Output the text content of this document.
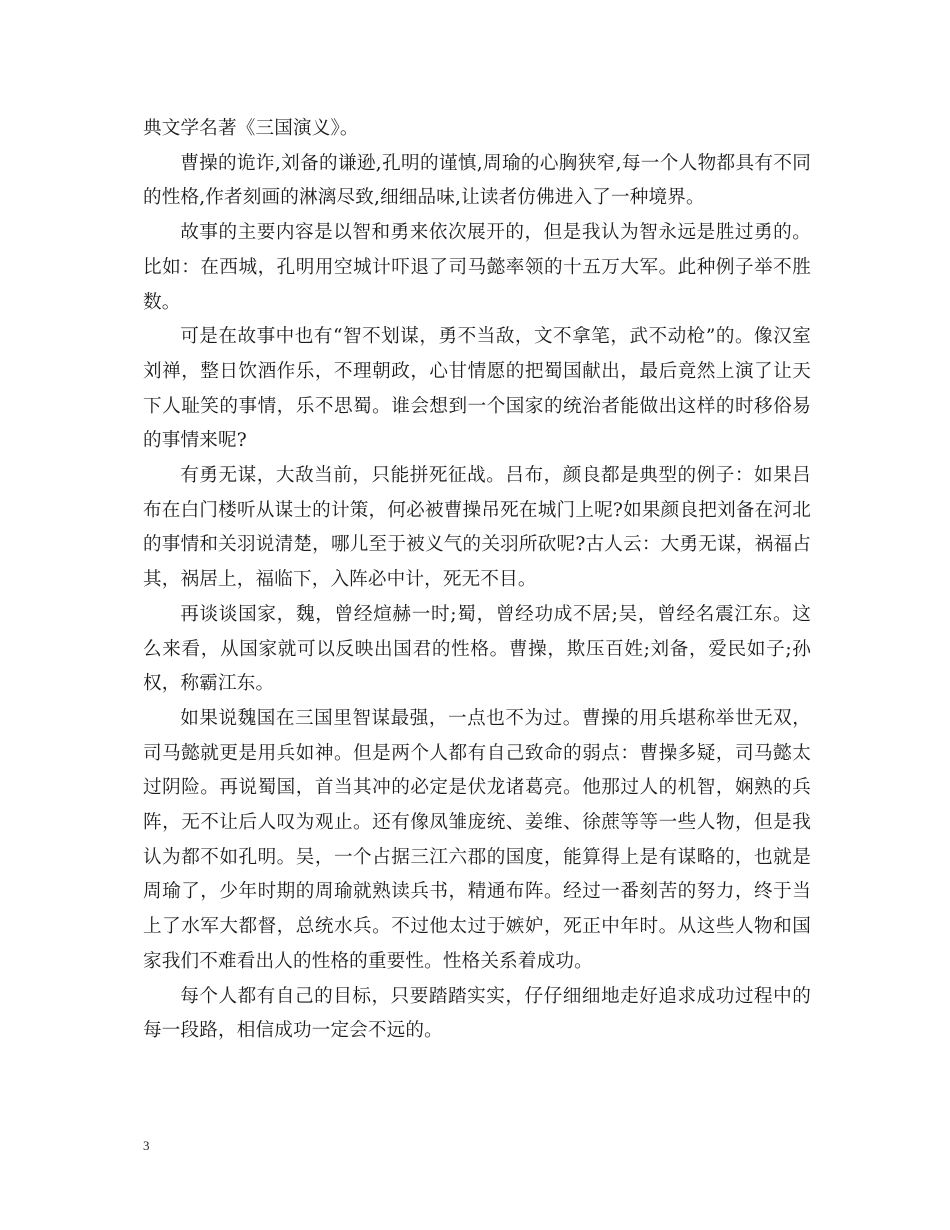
典文学名著《三国演义》。

曹操的诡诈,刘备的谦逊,孔明的谨慎,周瑜的心胸狭窄,每一个人物都具有不同的性格,作者刻画的淋漓尽致,细细品味,让读者仿佛进入了一种境界。

故事的主要内容是以智和勇来依次展开的，但是我认为智永远是胜过勇的。比如：在西城，孔明用空城计吓退了司马懿率领的十五万大军。此种例子举不胜数。

可是在故事中也有“智不划谋，勇不当敌，文不拿笔，武不动枪”的。像汉室刘禅，整日饮酒作乐，不理朝政，心甘情愿的把蜀国献出，最后竟然上演了让天下人耻笑的事情，乐不思蜀。谁会想到一个国家的统治者能做出这样的时移俗易的事情来呢?

有勇无谋，大敌当前，只能拼死征战。吕布，颜良都是典型的例子：如果吕布在白门楼听从谋士的计策，何必被曹操吊死在城门上呢?如果颜良把刘备在河北的事情和关羽说清楚，哪儿至于被义气的关羽所砍呢?古人云：大勇无谋，祸福占其，祸居上，福临下，入阵必中计，死无不目。

再谈谈国家，魏，曾经煊赫一时;蜀，曾经功成不居;吴，曾经名震江东。这么来看，从国家就可以反映出国君的性格。曹操，欺压百姓;刘备，爱民如子;孙权，称霸江东。

如果说魏国在三国里智谋最强，一点也不为过。曹操的用兵堪称举世无双，司马懿就更是用兵如神。但是两个人都有自己致命的弱点：曹操多疑，司马懿太过阴险。再说蜀国，首当其冲的必定是伏龙诸葛亮。他那过人的机智，娴熟的兵阵，无不让后人叹为观止。还有像凤雏庞统、姜维、徐蔗等等一些人物，但是我认为都不如孔明。吴，一个占据三江六郡的国度，能算得上是有谋略的，也就是周瑜了，少年时期的周瑜就熟读兵书，精通布阵。经过一番刻苦的努力，终于当上了水军大都督，总统水兵。不过他太过于嫉妒，死正中年时。从这些人物和国家我们不难看出人的性格的重要性。性格关系着成功。

每个人都有自己的目标，只要踏踏实实，仔仔细细地走好追求成功过程中的每一段路，相信成功一定会不远的。

3
